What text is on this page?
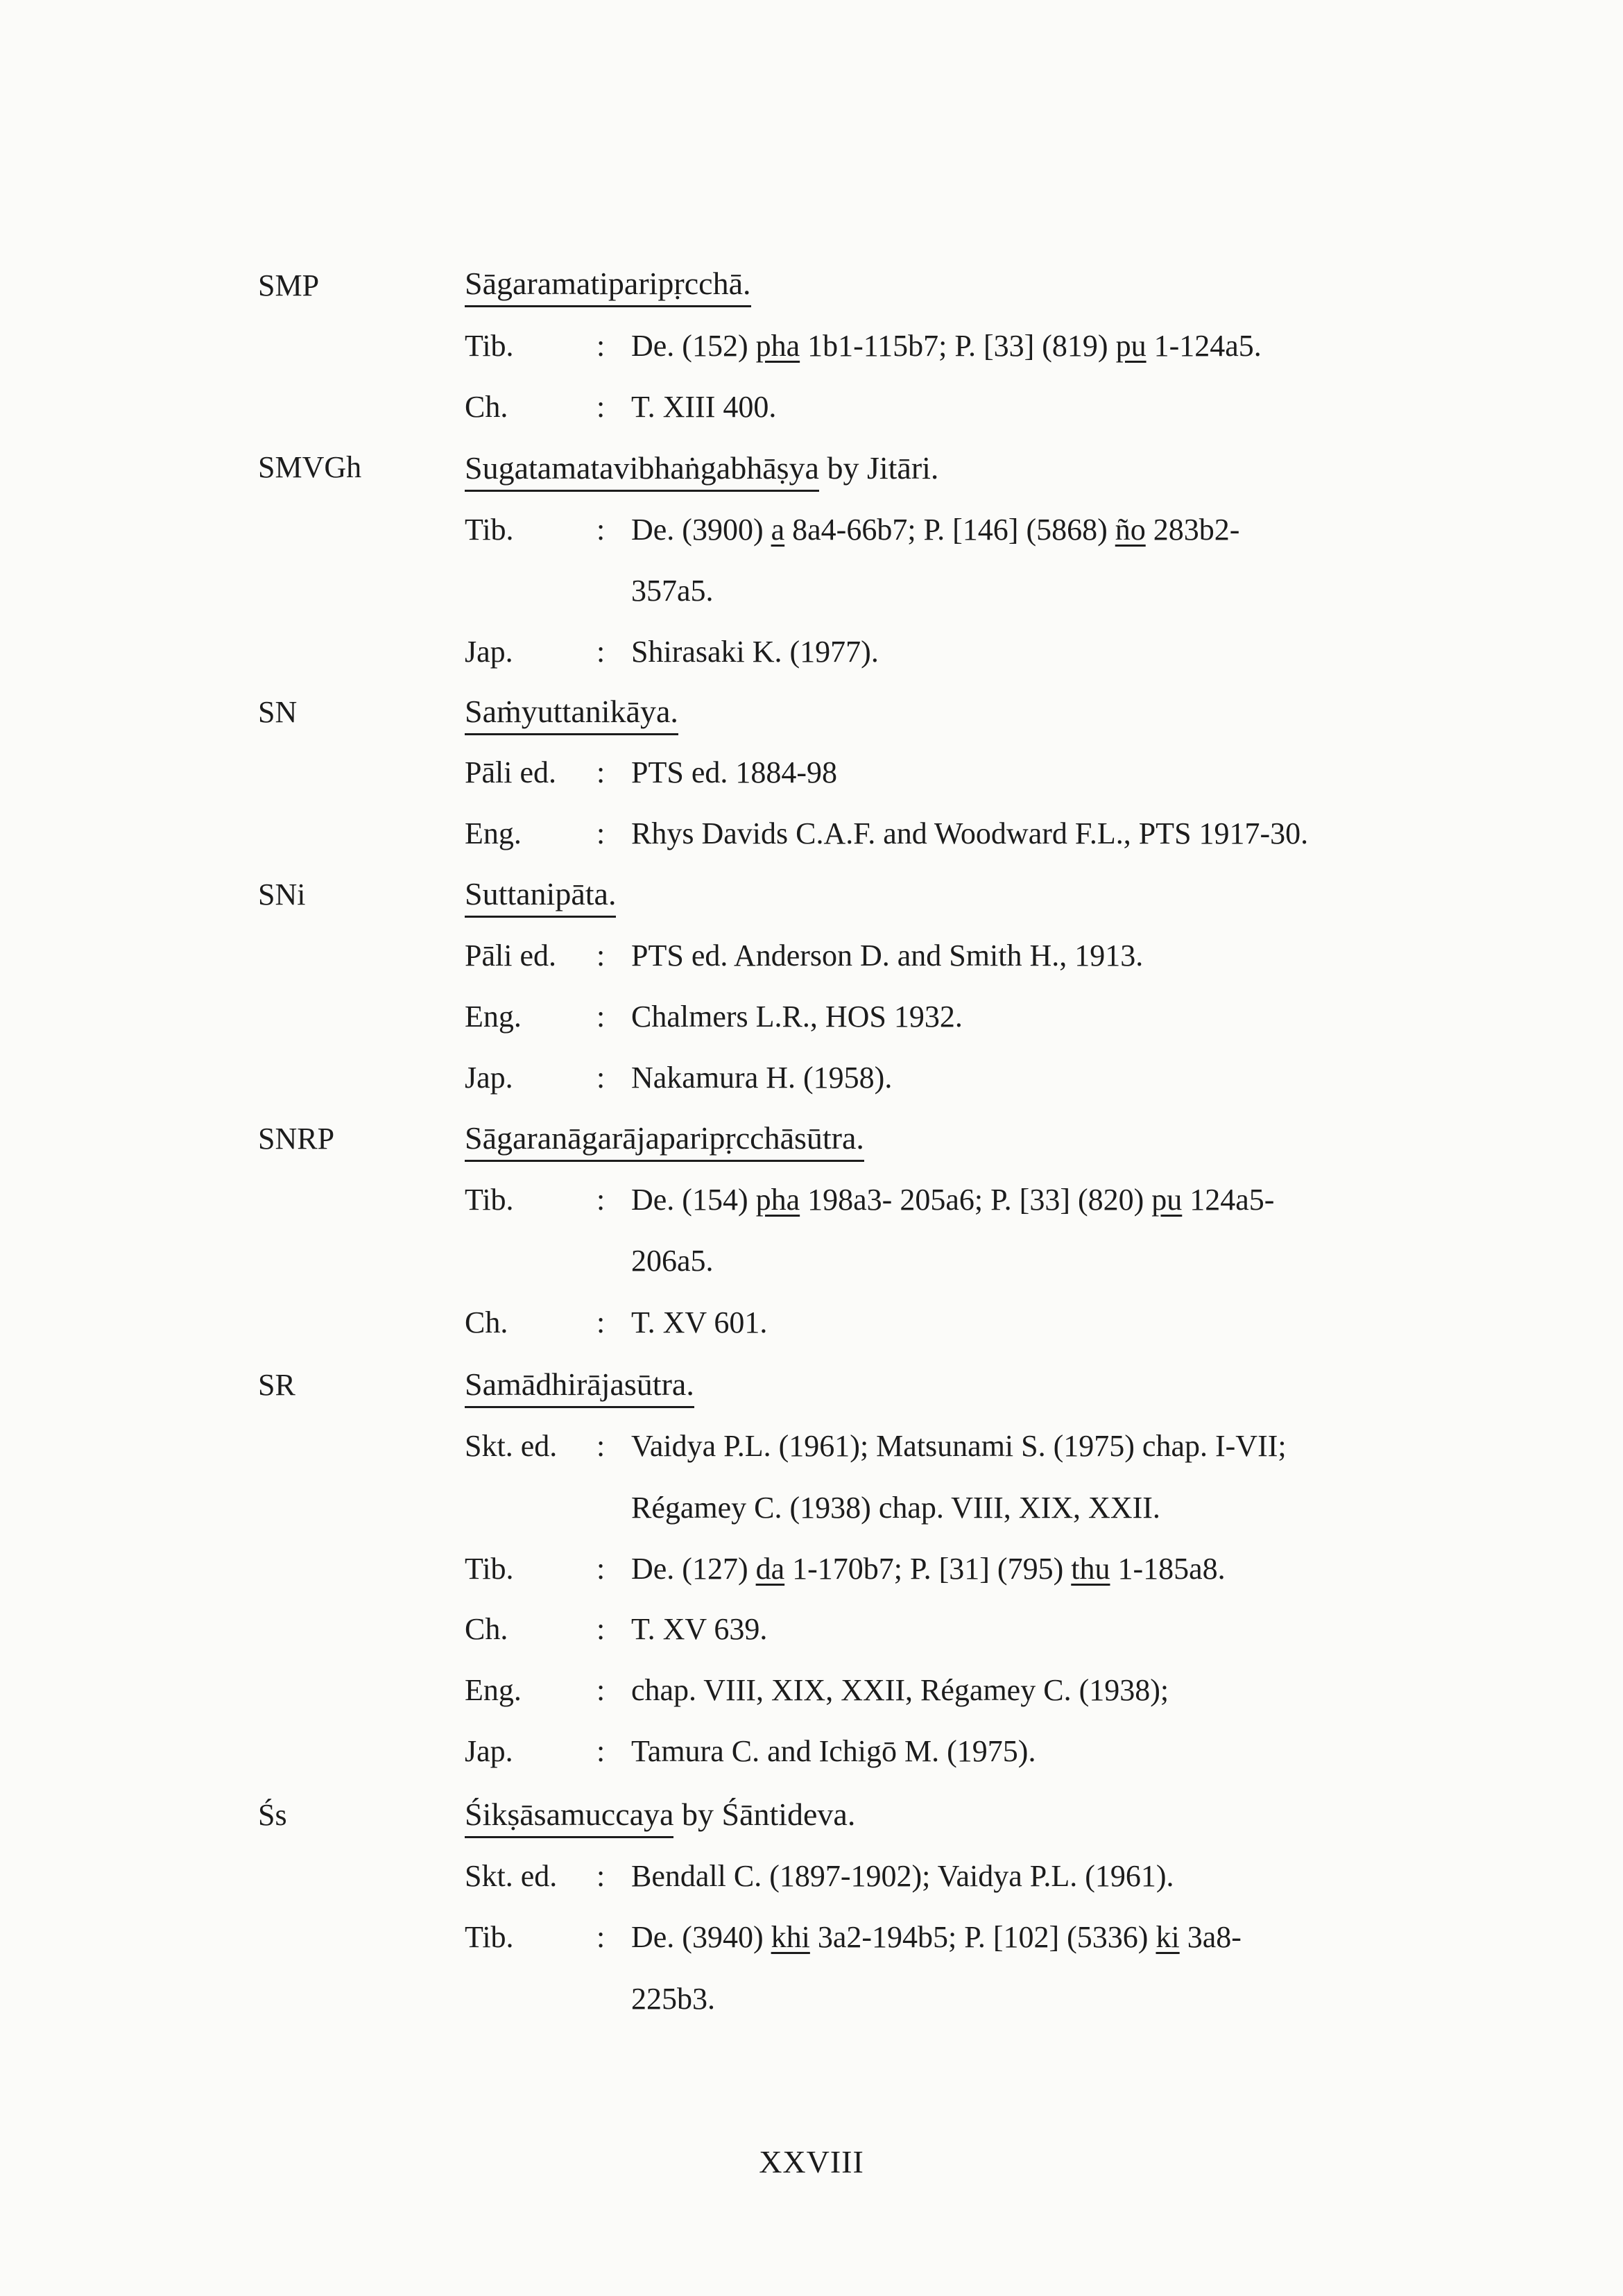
SMP	Sāgaramatiparipṛcchā.
Tib.	: De. (152) pha 1b1-115b7; P. [33] (819) pu 1-124a5.
Ch.	: T. XIII 400.
SMVGh	Sugatamatavibhaṅgabhāṣya by Jitāri.
Tib.	: De. (3900) a 8a4-66b7; P. [146] (5868) ño 283b2-
357a5.
Jap.	: Shirasaki K. (1977).
SN	Saṁyuttanikāya.
Pāli ed. : PTS ed. 1884-98
Eng. : Rhys Davids C.A.F. and Woodward F.L., PTS 1917-30.
SNi	Suttanipāta.
Pāli ed. : PTS ed. Anderson D. and Smith H., 1913.
Eng. : Chalmers L.R., HOS 1932.
Jap.	: Nakamura H. (1958).
SNRP	Sāgaranāgarājaparipṛcchāsūtra.
Tib.	: De. (154) pha 198a3- 205a6; P. [33] (820) pu 124a5-
206a5.
Ch.	: T. XV 601.
SR	Samādhirājasūtra.
Skt. ed. : Vaidya P.L. (1961); Matsunami S. (1975) chap. I-VII;
Régamey C. (1938) chap. VIII, XIX, XXII.
Tib.	: De. (127) da 1-170b7; P. [31] (795) thu 1-185a8.
Ch.	: T. XV 639.
Eng. : chap. VIII, XIX, XXII, Régamey C. (1938);
Jap.	: Tamura C. and Ichigō M. (1975).
Śs	Śikṣāsamuccaya by Śāntideva.
Skt. ed. : Bendall C. (1897-1902); Vaidya P.L. (1961).
Tib.	: De. (3940) khi 3a2-194b5; P. [102] (5336) ki 3a8-
225b3.
XXVIII
